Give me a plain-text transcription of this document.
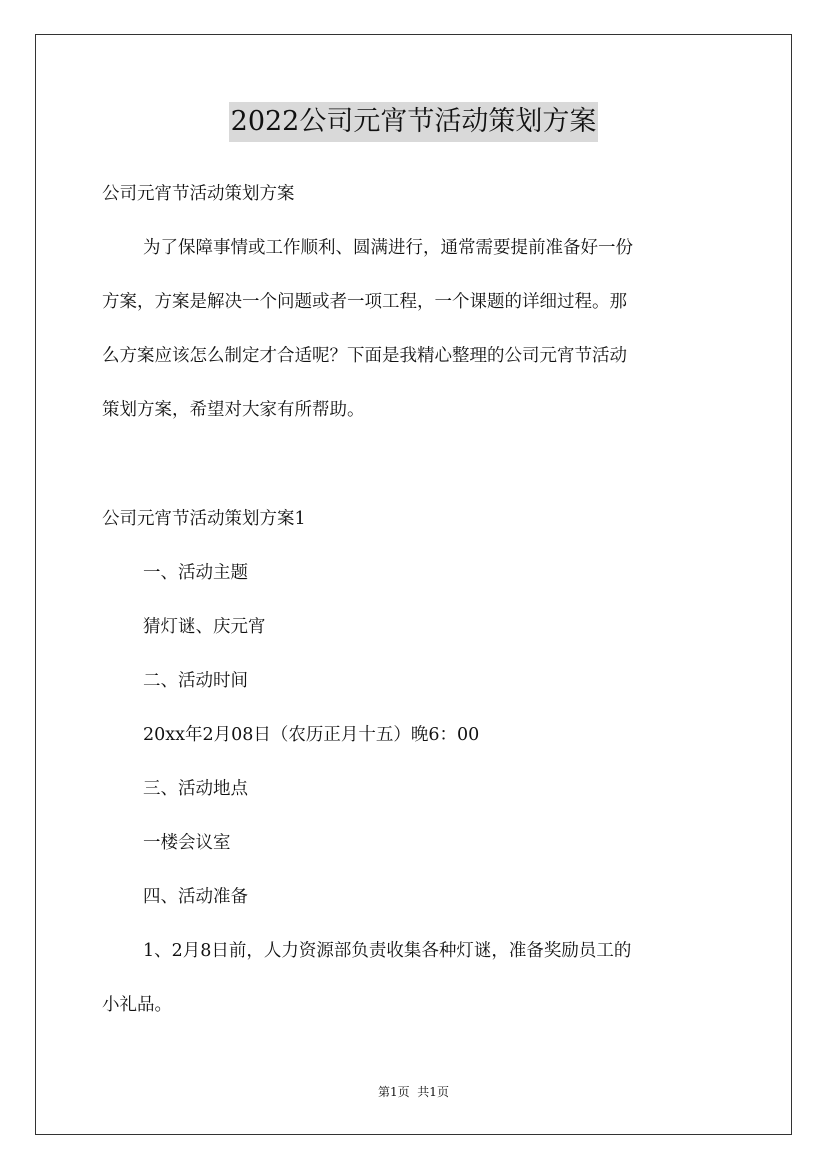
2022公司元宵节活动策划方案
公司元宵节活动策划方案
为了保障事情或工作顺利、圆满进行，通常需要提前准备好一份
方案，方案是解决一个问题或者一项工程，一个课题的详细过程。那
么方案应该怎么制定才合适呢？下面是我精心整理的公司元宵节活动
策划方案，希望对大家有所帮助。
公司元宵节活动策划方案1
一、活动主题
猜灯谜、庆元宵
二、活动时间
20xx年2月08日（农历正月十五）晚6：00
三、活动地点
一楼会议室
四、活动准备
1、2月8日前，人力资源部负责收集各种灯谜，准备奖励员工的
小礼品。
第1页  共1页
